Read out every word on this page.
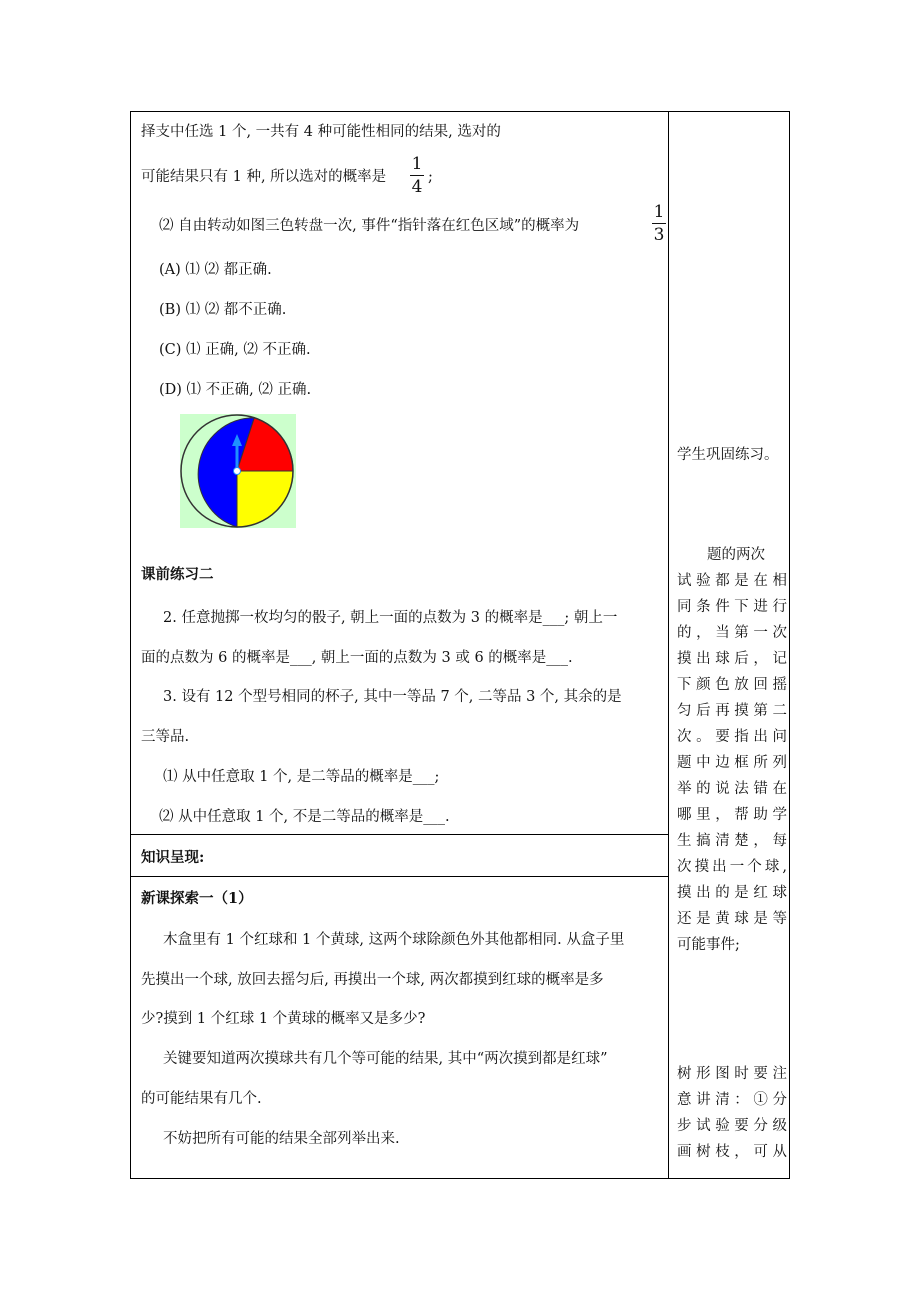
择支中任选 1 个, 一共有 4 种可能性相同的结果, 选对的
可能结果只有 1 种, 所以选对的概率是
1
4 ;
⑵ 自由转动如图三色转盘一次, 事件“指针落在红色区域”的概率为
1
3
(A) ⑴ ⑵ 都正确.
(B) ⑴ ⑵ 都不正确.
(C) ⑴ 正确, ⑵ 不正确.
(D) ⑴ 不正确, ⑵ 正确.
课前练习二
2. 任意抛掷一枚均匀的骰子, 朝上一面的点数为 3 的概率是___; 朝上一
面的点数为 6 的概率是___, 朝上一面的点数为 3 或 6 的概率是___.
3. 设有 12 个型号相同的杯子, 其中一等品 7 个, 二等品 3 个, 其余的是
三等品.
⑴ 从中任意取 1 个, 是二等品的概率是___;
⑵ 从中任意取 1 个, 不是二等品的概率是___.
知识呈现:
新课探索一（1）
木盒里有 1 个红球和 1 个黄球, 这两个球除颜色外其他都相同. 从盒子里
先摸出一个球, 放回去摇匀后, 再摸出一个球, 两次都摸到红球的概率是多
少?摸到 1 个红球 1 个黄球的概率又是多少?
关键要知道两次摸球共有几个等可能的结果, 其中“两次摸到都是红球”
的可能结果有几个.
不妨把所有可能的结果全部列举出来.
学生巩固练习。
题的两次
试验都是在相
同条件下进行
的，当第一次
摸出球后，记
下颜色放回摇
匀后再摸第二
次。要指出问
题中边框所列
举的说法错在
哪里，帮助学
生搞清楚，每
次摸出一个球,
摸出的是红球
还是黄球是等
可能事件;
树形图时要注
意讲清：①分
步试验要分级
画树枝，可从
